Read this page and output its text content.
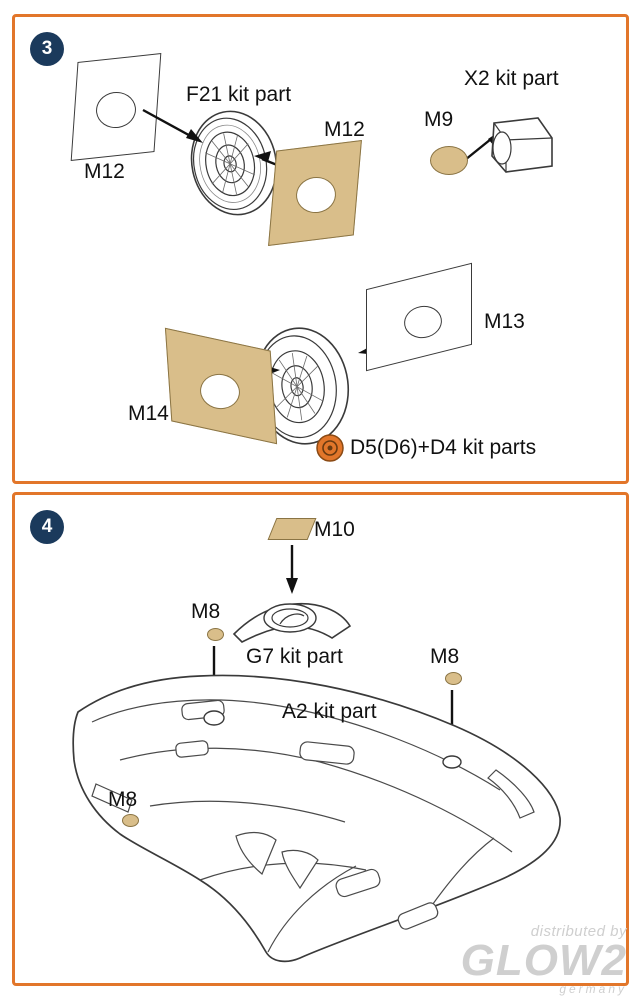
3
M12
F21 kit part
M12	M9
X2 kit part
M13
M14
D5(D6)+D4 kit parts
4	M10
M8
G7 kit part	M8
A2 kit part
M8
distributed by
GLOW2
germany
